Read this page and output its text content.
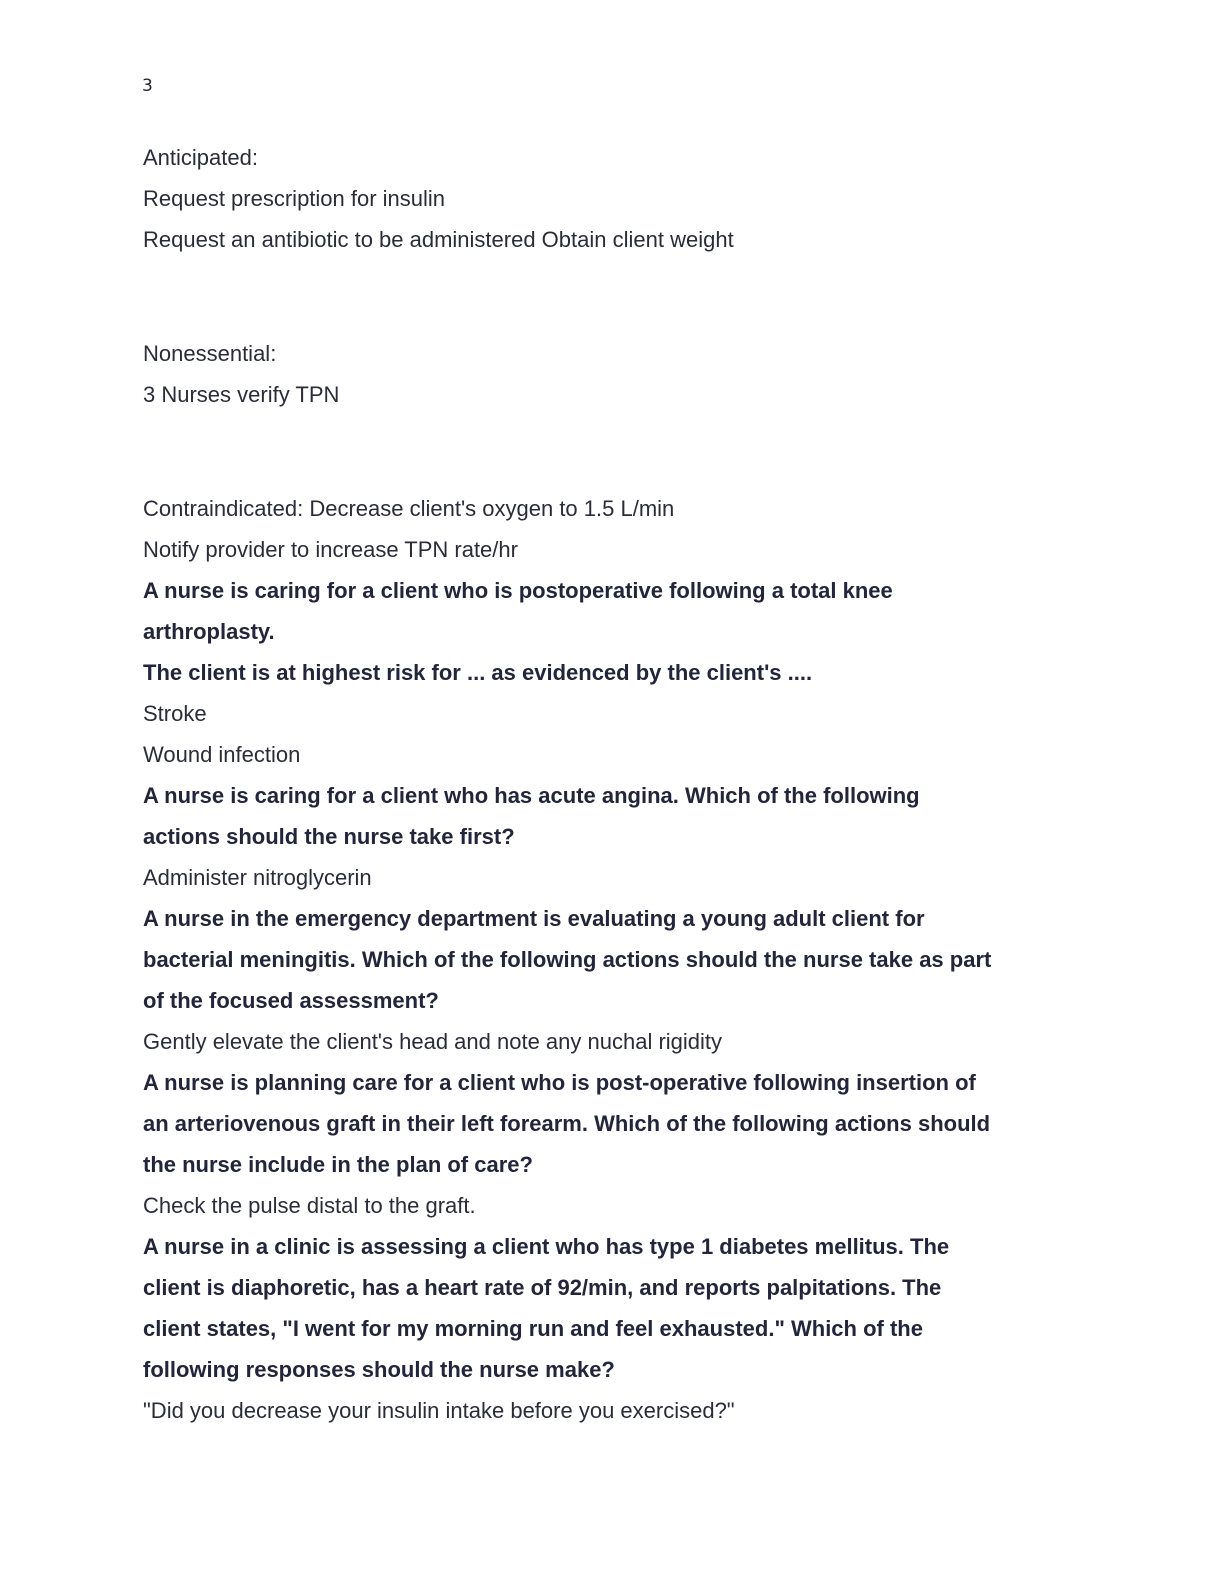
3

Anticipated:

Request prescription for insulin

Request an antibiotic to be administered Obtain client weight

Nonessential:

3 Nurses verify TPN

Contraindicated: Decrease client's oxygen to 1.5 L/min

Notify provider to increase TPN rate/hr

A nurse is caring for a client who is postoperative following a total knee

arthroplasty.

The client is at highest risk for ... as evidenced by the client's ....

Stroke

Wound infection

A nurse is caring for a client who has acute angina. Which of the following

actions should the nurse take first?

Administer nitroglycerin

A nurse in the emergency department is evaluating a young adult client for

bacterial meningitis. Which of the following actions should the nurse take as part

of the focused assessment?

Gently elevate the client's head and note any nuchal rigidity

A nurse is planning care for a client who is post-operative following insertion of

an arteriovenous graft in their left forearm. Which of the following actions should

the nurse include in the plan of care?

Check the pulse distal to the graft.

A nurse in a clinic is assessing a client who has type 1 diabetes mellitus. The

client is diaphoretic, has a heart rate of 92/min, and reports palpitations. The

client states, "I went for my morning run and feel exhausted." Which of the

following responses should the nurse make?

"Did you decrease your insulin intake before you exercised?"
